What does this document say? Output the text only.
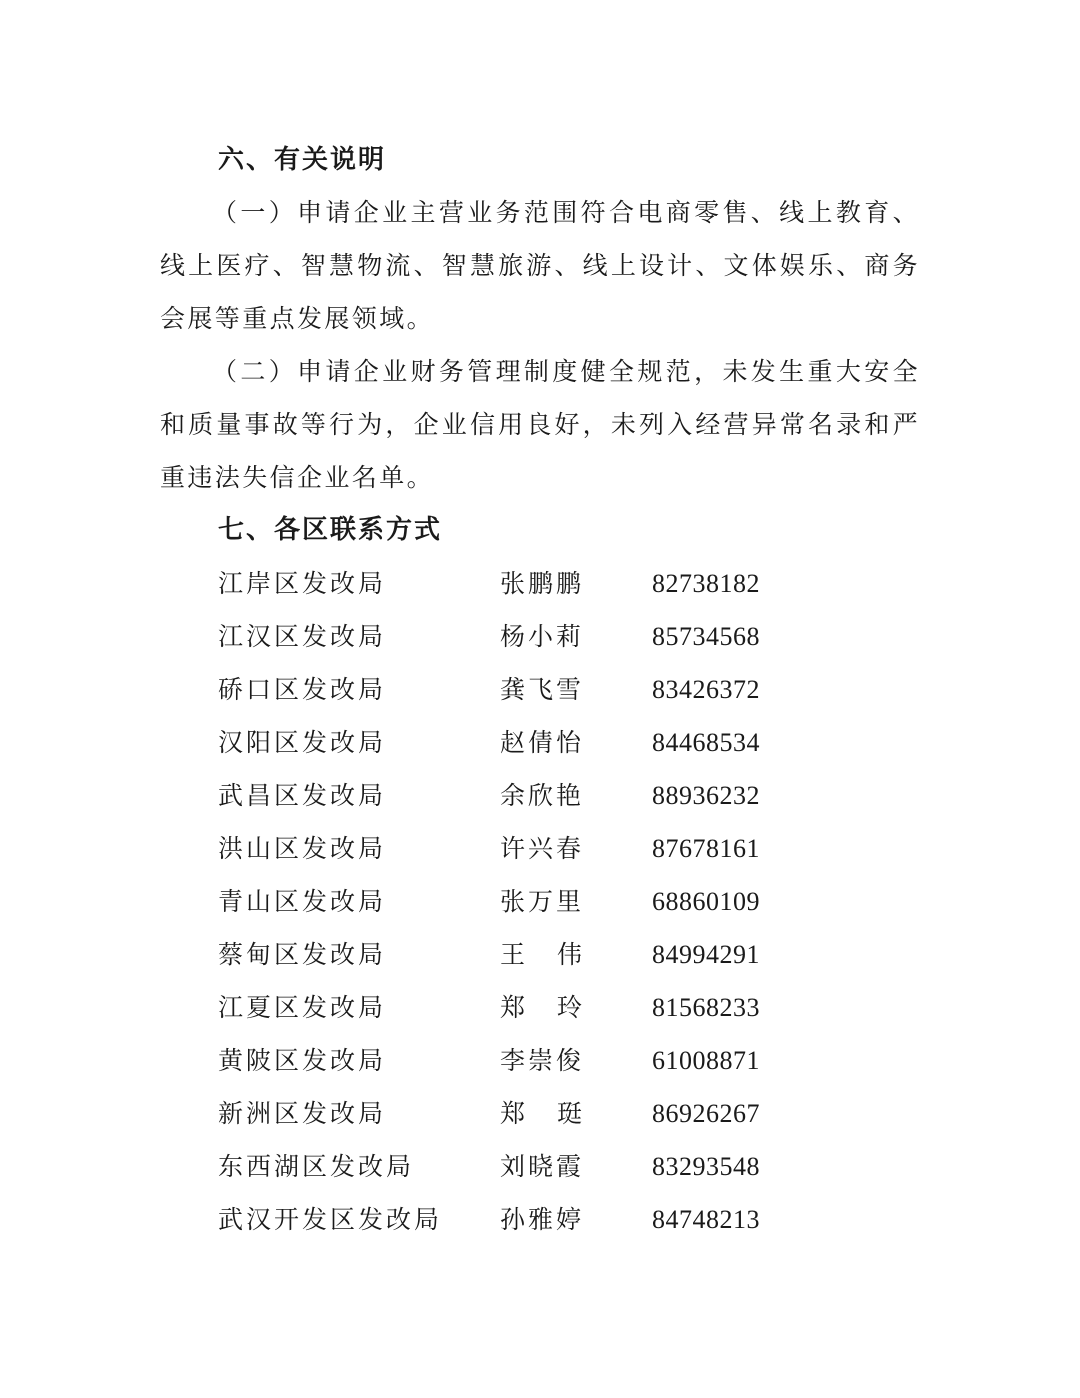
六、有关说明

（一）申请企业主营业务范围符合电商零售、线上教育、线上医疗、智慧物流、智慧旅游、线上设计、文体娱乐、商务会展等重点发展领域。

（二）申请企业财务管理制度健全规范，未发生重大安全和质量事故等行为，企业信用良好，未列入经营异常名录和严重违法失信企业名单。

七、各区联系方式
江岸区发改局	张鹏鹏	82738182
江汉区发改局	杨小莉	85734568
硚口区发改局	龚飞雪	83426372
汉阳区发改局	赵倩怡	84468534
武昌区发改局	余欣艳	88936232
洪山区发改局	许兴春	87678161
青山区发改局	张万里	68860109
蔡甸区发改局	王 伟	84994291
江夏区发改局	郑 玲	81568233
黄陂区发改局	李崇俊	61008871
新洲区发改局	郑 珽	86926267
东西湖区发改局	刘晓霞	83293548
武汉开发区发改局 孙雅婷	84748213
